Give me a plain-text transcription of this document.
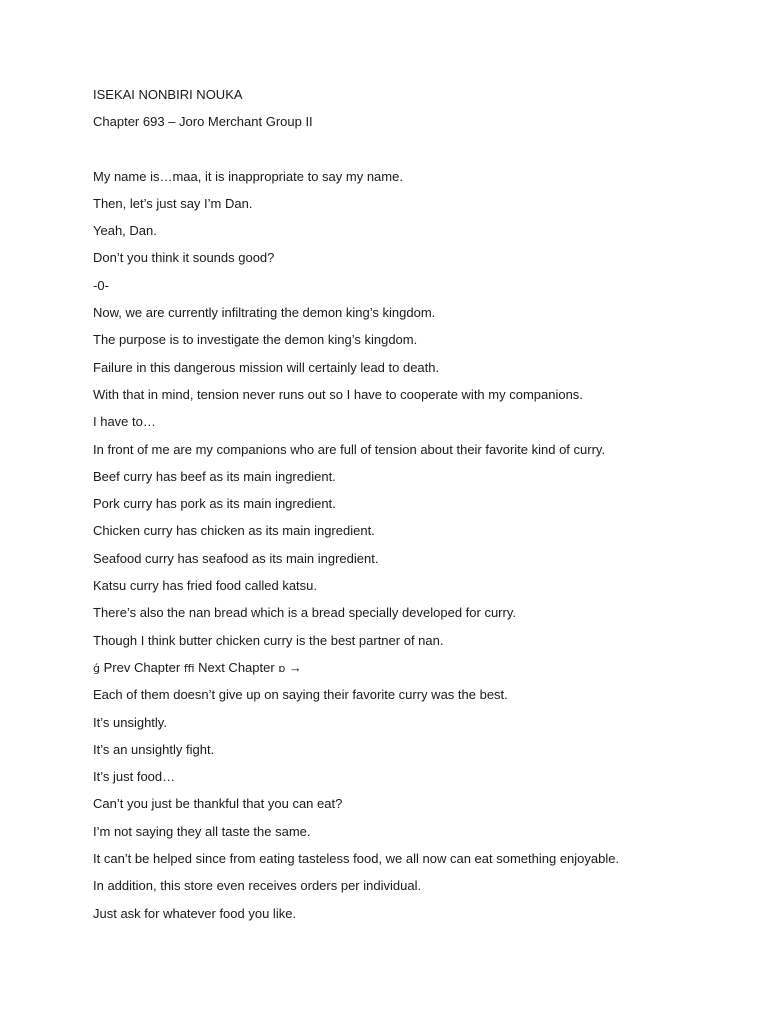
ISEKAI NONBIRI NOUKA
Chapter 693 – Joro Merchant Group II
My name is…maa, it is inappropriate to say my name.
Then, let’s just say I’m Dan.
Yeah, Dan.
Don’t you think it sounds good?
-0-
Now, we are currently infiltrating the demon king’s kingdom.
The purpose is to investigate the demon king’s kingdom.
Failure in this dangerous mission will certainly lead to death.
With that in mind, tension never runs out so I have to cooperate with my companions.
I have to…
In front of me are my companions who are full of tension about their favorite kind of curry.
Beef curry has beef as its main ingredient.
Pork curry has pork as its main ingredient.
Chicken curry has chicken as its main ingredient.
Seafood curry has seafood as its main ingredient.
Katsu curry has fried food called katsu.
There’s also the nan bread which is a bread specially developed for curry.
Though I think butter chicken curry is the best partner of nan.
ǵ Prev Chapter ﬃ Next Chapter ɒ →
Each of them doesn’t give up on saying their favorite curry was the best.
It’s unsightly.
It’s an unsightly fight.
It’s just food…
Can’t you just be thankful that you can eat?
I’m not saying they all taste the same.
It can’t be helped since from eating tasteless food, we all now can eat something enjoyable.
In addition, this store even receives orders per individual.
Just ask for whatever food you like.
